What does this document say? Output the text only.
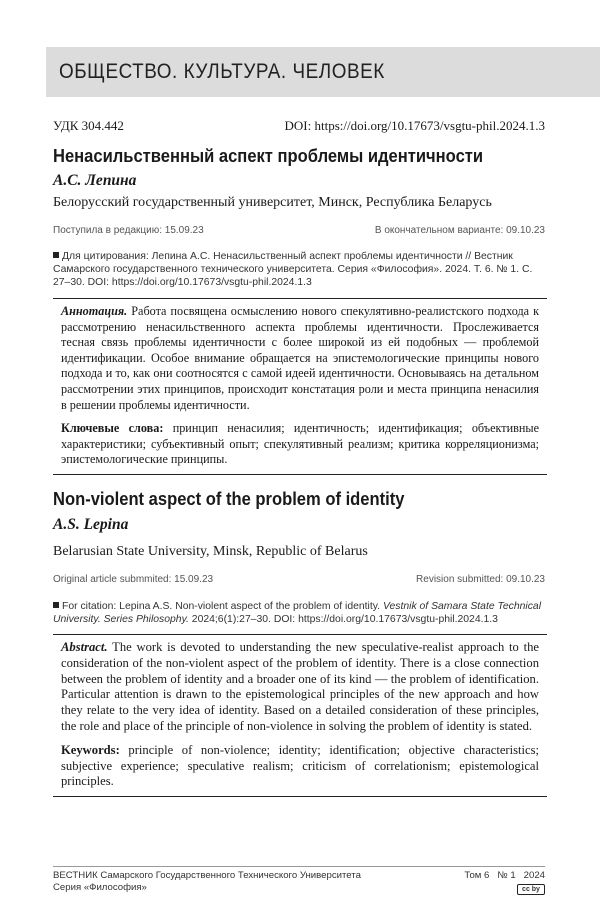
ОБЩЕСТВО. КУЛЬТУРА. ЧЕЛОВЕК
УДК 304.442	DOI: https://doi.org/10.17673/vsgtu-phil.2024.1.3
Ненасильственный аспект проблемы идентичности
А.С. Лепина
Белорусский государственный университет, Минск, Республика Беларусь
Поступила в редакцию: 15.09.23	В окончательном варианте: 09.10.23
Для цитирования: Лепина А.С. Ненасильственный аспект проблемы идентичности // Вестник Самарского государственного технического университета. Серия «Философия». 2024. Т. 6. № 1. С. 27–30. DOI: https://doi.org/10.17673/vsgtu-phil.2024.1.3

Аннотация. Работа посвящена осмыслению нового спекулятивно-реалистского подхода к рассмотрению ненасильственного аспекта проблемы идентичности. Прослеживается тесная связь проблемы идентичности с более широкой из ей подобных — проблемой идентификации. Особое внимание обращается на эпистемологические принципы нового подхода и то, как они соотносятся с самой идеей идентичности. Основываясь на детальном рассмотрении этих принципов, происходит констатация роли и места принципа ненасилия в решении проблемы идентичности.

Ключевые слова: принцип ненасилия; идентичность; идентификация; объективные характеристики; субъективный опыт; спекулятивный реализм; критика корреляционизма; эпистемологические принципы.

Non-violent aspect of the problem of identity
A.S. Lepina
Belarusian State University, Minsk, Republic of Belarus
Original article submmited: 15.09.23	Revision submitted: 09.10.23
For citation: Lepina A.S. Non-violent aspect of the problem of identity. Vestnik of Samara State Technical University. Series Philosophy. 2024;6(1):27–30. DOI: https://doi.org/10.17673/vsgtu-phil.2024.1.3

Abstract. The work is devoted to understanding the new speculative-realist approach to the consideration of the non-violent aspect of the problem of identity. There is a close connection between the problem of identity and a broader one of its kind — the problem of identification. Particular attention is drawn to the epistemological principles of the new approach and how they relate to the very idea of identity. Based on a detailed consideration of these principles, the role and place of the principle of non-violence in solving the problem of identity is stated.

Keywords: principle of non-violence; identity; identification; objective characteristics; subjective experience; speculative realism; criticism of correlationism; epistemological principles.

ВЕСТНИК Самарского Государственного Технического Университета
Серия «Философия»
Том 6   № 1   2024
cc by
